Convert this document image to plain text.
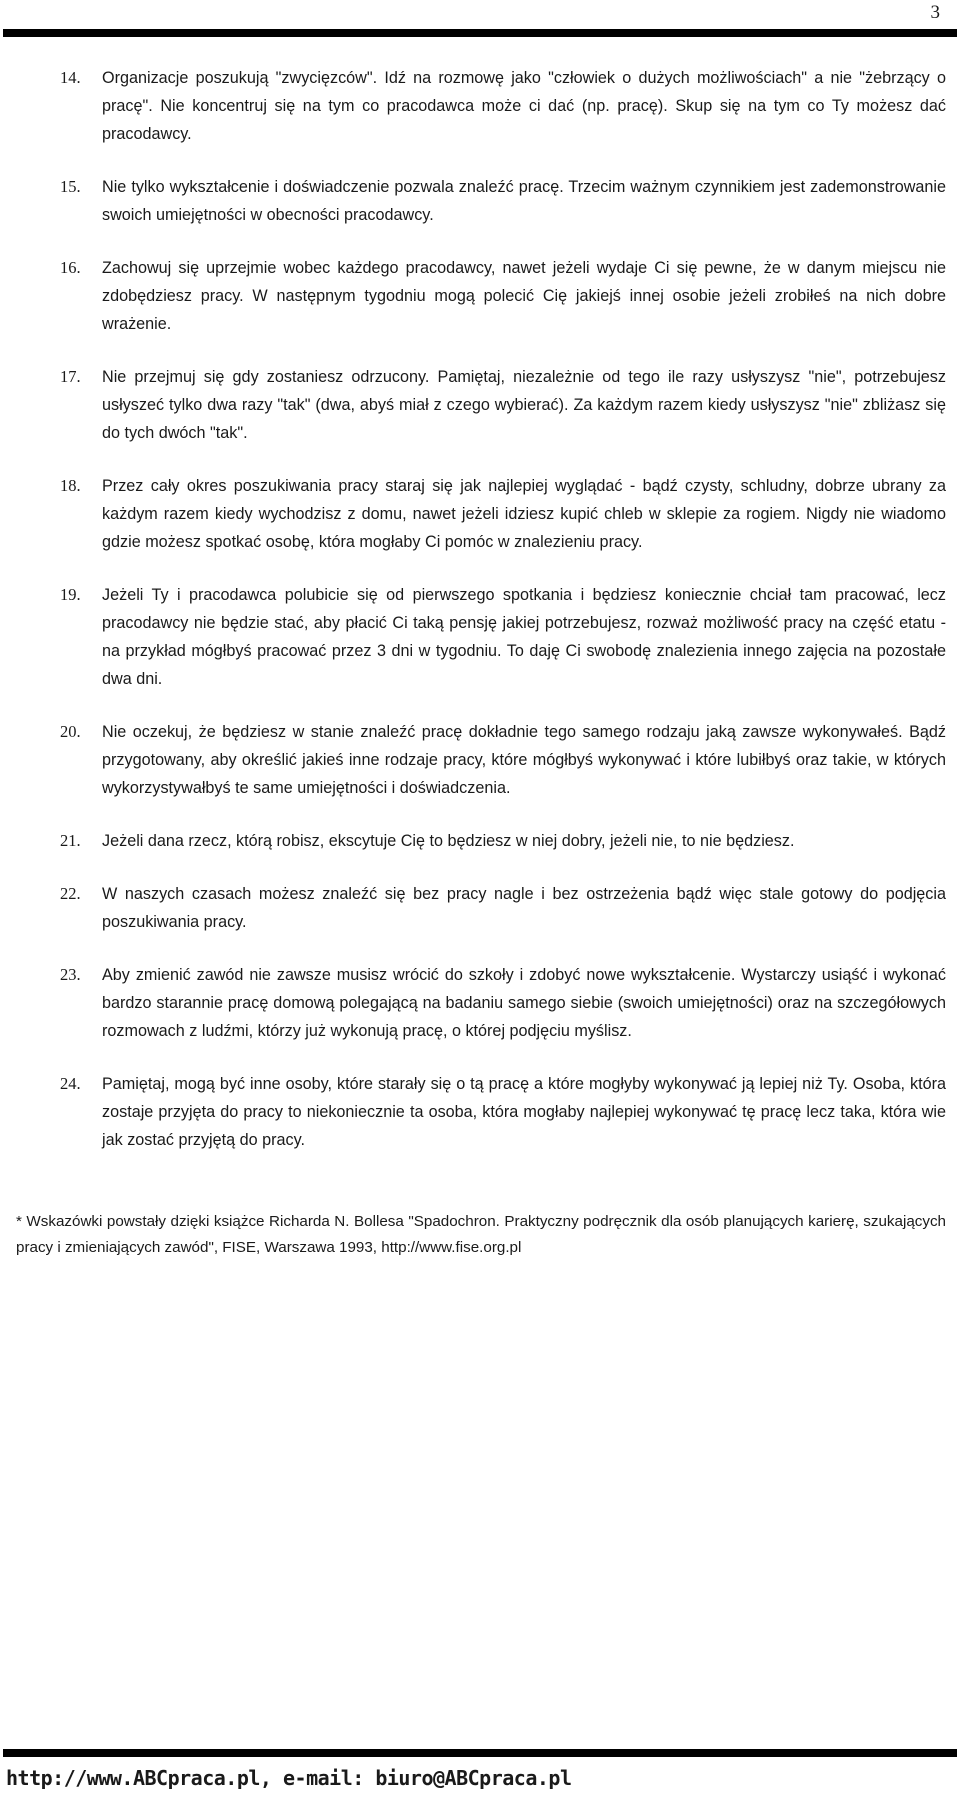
3
14. Organizacje poszukują "zwycięzców". Idź na rozmowę jako "człowiek o dużych możliwościach" a nie "żebrzący o pracę". Nie koncentruj się na tym co pracodawca może ci dać (np. pracę). Skup się na tym co Ty możesz dać pracodawcy.
15. Nie tylko wykształcenie i doświadczenie pozwala znaleźć pracę. Trzecim ważnym czynnikiem jest zademonstrowanie swoich umiejętności w obecności pracodawcy.
16. Zachowuj się uprzejmie wobec każdego pracodawcy, nawet jeżeli wydaje Ci się pewne, że w danym miejscu nie zdobędziesz pracy. W następnym tygodniu mogą polecić Cię jakiejś innej osobie jeżeli zrobiłeś na nich dobre wrażenie.
17. Nie przejmuj się gdy zostaniesz odrzucony. Pamiętaj, niezależnie od tego ile razy usłyszysz "nie", potrzebujesz usłyszeć tylko dwa razy "tak" (dwa, abyś miał z czego wybierać). Za każdym razem kiedy usłyszysz "nie" zbliżasz się do tych dwóch "tak".
18. Przez cały okres poszukiwania pracy staraj się jak najlepiej wyglądać - bądź czysty, schludny, dobrze ubrany za każdym razem kiedy wychodzisz z domu, nawet jeżeli idziesz kupić chleb w sklepie za rogiem. Nigdy nie wiadomo gdzie możesz spotkać osobę, która mogłaby Ci pomóc w znalezieniu pracy.
19. Jeżeli Ty i pracodawca polubicie się od pierwszego spotkania i będziesz koniecznie chciał tam pracować, lecz pracodawcy nie będzie stać, aby płacić Ci taką pensję jakiej potrzebujesz, rozważ możliwość pracy na część etatu - na przykład mógłbyś pracować przez 3 dni w tygodniu. To daję Ci swobodę znalezienia innego zajęcia na pozostałe dwa dni.
20. Nie oczekuj, że będziesz w stanie znaleźć pracę dokładnie tego samego rodzaju jaką zawsze wykonywałeś. Bądź przygotowany, aby określić jakieś inne rodzaje pracy, które mógłbyś wykonywać i które lubiłbyś oraz takie, w których wykorzystywałbyś te same umiejętności i doświadczenia.
21. Jeżeli dana rzecz, którą robisz, ekscytuje Cię to będziesz w niej dobry, jeżeli nie, to nie będziesz.
22. W naszych czasach możesz znaleźć się bez pracy nagle i bez ostrzeżenia bądź więc stale gotowy do podjęcia poszukiwania pracy.
23. Aby zmienić zawód nie zawsze musisz wrócić do szkoły i zdobyć nowe wykształcenie. Wystarczy usiąść i wykonać bardzo starannie pracę domową polegającą na badaniu samego siebie (swoich umiejętności) oraz na szczegółowych rozmowach z ludźmi, którzy już wykonują pracę, o której podjęciu myślisz.
24. Pamiętaj, mogą być inne osoby, które starały się o tą pracę a które mogłyby wykonywać ją lepiej niż Ty. Osoba, która zostaje przyjęta do pracy to niekoniecznie ta osoba, która mogłaby najlepiej wykonywać tę pracę lecz taka, która wie jak zostać przyjętą do pracy.
* Wskazówki powstały dzięki książce Richarda N. Bollesa "Spadochron. Praktyczny podręcznik dla osób planujących karierę, szukających pracy i zmieniających zawód", FISE, Warszawa 1993, http://www.fise.org.pl
http://www.ABCpraca.pl, e-mail: biuro@ABCpraca.pl
